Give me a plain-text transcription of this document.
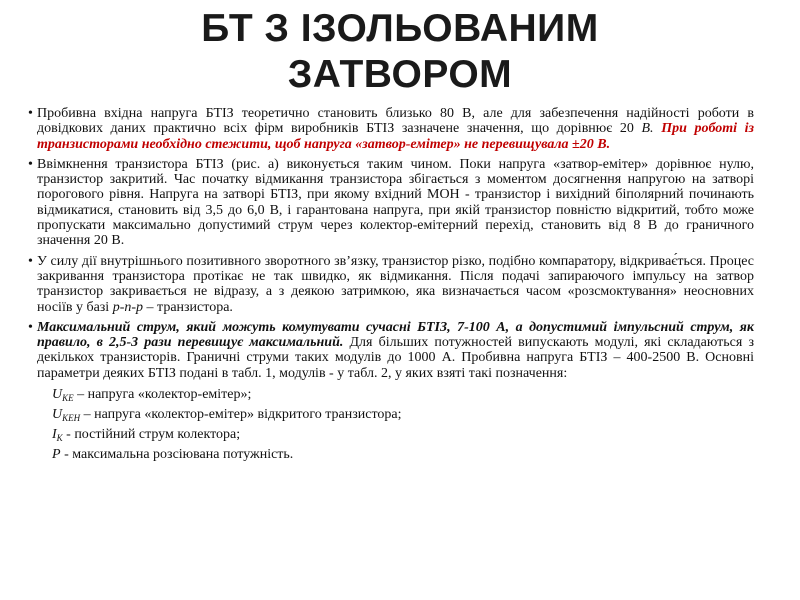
БТ З ІЗОЛЬОВАНИМ
ЗАТВОРОМ
• Пробивна вхідна напруга БТІЗ теоретично становить близько 80 В, але для забезпечення надійності роботи в довідкових даних практично всіх фірм виробників БТІЗ зазначене значення, що дорівнює 20 В. При роботі із транзисторами необхідно стежити, щоб напруга «затвор-емітер» не перевищувала ±20 В.
• Ввімкнення транзистора БТІЗ (рис. а) виконується таким чином. Поки напруга «затвор-емітер» дорівнює нулю, транзистор закритий. Час початку відмикання транзистора збігається з моментом досягнення напругою на затворі порогового рівня. Напруга на затворі БТІЗ, при якому вхідний МОН - транзистор і вихідний біполярний починають відмикатися, становить від 3,5 до 6,0 В, і гарантована напруга, при якій транзистор повністю відкритий, тобто може пропускати максимально допустимий струм через колектор-емітерний перехід, становить від 8 В до граничного значення 20 В.
• У силу дії внутрішнього позитивного зворотного зв’язку, транзистор різко, подібно компаратору, відкриває́ться. Процес закривання транзистора протікає не так швидко, як відмикання. Після подачі запираючого імпульсу на затвор транзистор закривається не відразу, а з деякою затримкою, яка визначається часом «розсмоктування» неосновних носіїв у базі p-n-p – транзистора.
• Максимальний струм, який можуть комутувати сучасні БТІЗ, 7-100 А, а допустимий імпульсний струм, як правило, в 2,5-3 рази перевищує максимальний. Для більших потужностей випускають модулі, які складаються з декількох транзисторів. Граничні струми таких модулів до 1000 А. Пробивна напруга БТІЗ – 400-2500 В. Основні параметри деяких БТІЗ подані в табл. 1, модулів - у табл. 2, у яких взяті такі позначення:
$U_{КЕ}$ – напруга «колектор-емітер»;
$U_{КЕН}$ – напруга «колектор-емітер» відкритого транзистора;
$I_К$ - постійний струм колектора;
P - максимальна розсіювана потужність.
